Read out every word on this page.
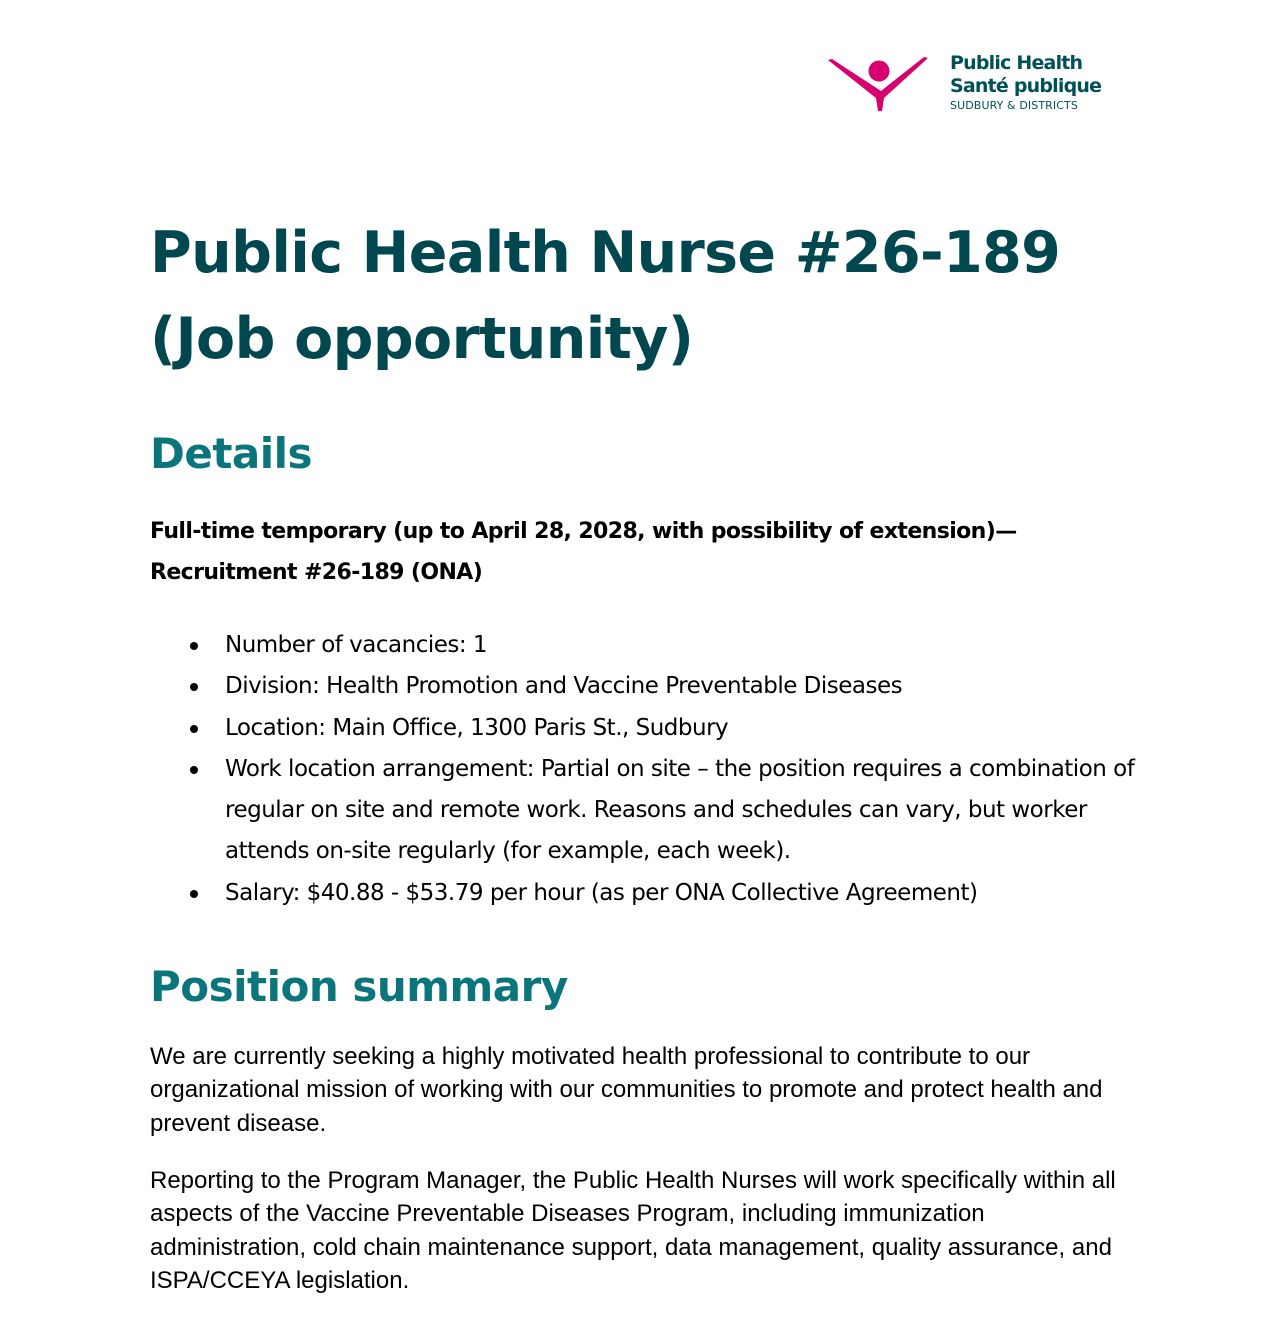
Public Health
Santé publique
SUDBURY & DISTRICTS
Public Health Nurse #26-189
(Job opportunity)
Details

Full-time temporary (up to April 28, 2028, with possibility of extension)—
Recruitment #26-189 (ONA)

Number of vacancies: 1
Division: Health Promotion and Vaccine Preventable Diseases
Location: Main Office, 1300 Paris St., Sudbury
Work location arrangement: Partial on site – the position requires a combination of regular on site and remote work. Reasons and schedules can vary, but worker attends on-site regularly (for example, each week).
Salary: $40.88 - $53.79 per hour (as per ONA Collective Agreement)
Position summary

We are currently seeking a highly motivated health professional to contribute to our organizational mission of working with our communities to promote and protect health and prevent disease.

Reporting to the Program Manager, the Public Health Nurses will work specifically within all aspects of the Vaccine Preventable Diseases Program, including immunization administration, cold chain maintenance support, data management, quality assurance, and ISPA/CCEYA legislation.
